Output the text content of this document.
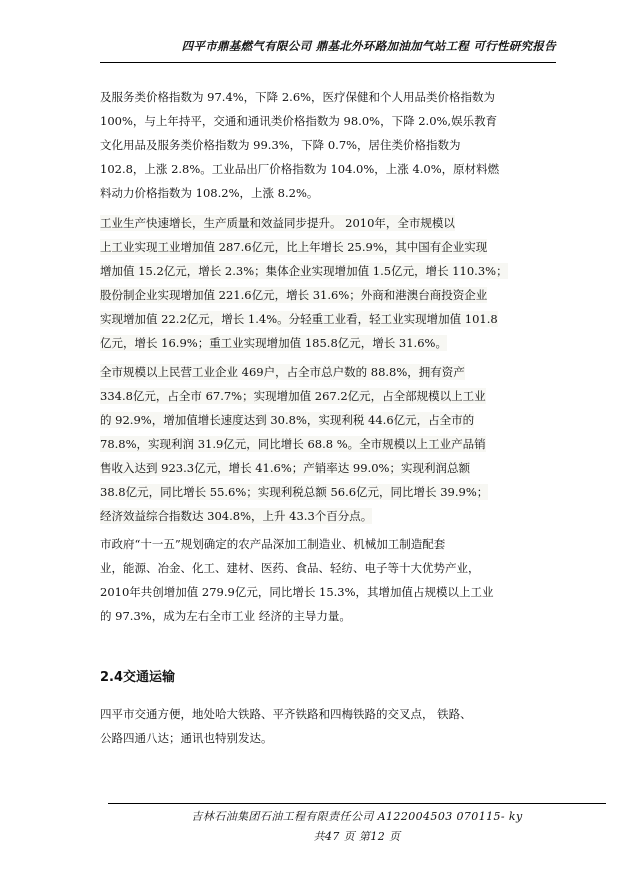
四平市鼎基燃气有限公司 鼎基北外环路加油加气站工程 可行性研究报告
及服务类价格指数为 97.4%，下降 2.6%，医疗保健和个人用品类价格指数为
100%，与上年持平，交通和通讯类价格指数为 98.0%，下降 2.0%,娱乐教育
文化用品及服务类价格指数为 99.3%，下降 0.7%，居住类价格指数为
102.8，上涨 2.8%。工业品出厂价格指数为 104.0%，上涨 4.0%，原材料燃
料动力价格指数为 108.2%，上涨 8.2%。
工业生产快速增长，生产质量和效益同步提升。 2010年，全市规模以
上工业实现工业增加值 287.6亿元，比上年增长 25.9%，其中国有企业实现
增加值 15.2亿元，增长 2.3%；集体企业实现增加值 1.5亿元，增长 110.3%；
股份制企业实现增加值 221.6亿元，增长 31.6%；外商和港澳台商投资企业
实现增加值 22.2亿元，增长 1.4%。分轻重工业看，轻工业实现增加值 101.8
亿元，增长 16.9%；重工业实现增加值 185.8亿元，增长 31.6%。
全市规模以上民营工业企业 469户，占全市总户数的 88.8%，拥有资产
334.8亿元，占全市 67.7%；实现增加值 267.2亿元，占全部规模以上工业
的 92.9%，增加值增长速度达到 30.8%，实现利税 44.6亿元，占全市的
78.8%，实现利润 31.9亿元，同比增长 68.8 %。全市规模以上工业产品销
售收入达到 923.3亿元，增长 41.6%；产销率达 99.0%；实现利润总额
38.8亿元，同比增长 55.6%；实现利税总额 56.6亿元，同比增长 39.9%；
经济效益综合指数达 304.8%，上升 43.3个百分点。
市政府“十一五”规划确定的农产品深加工制造业、机械加工制造配套
业，能源、冶金、化工、建材、医药、食品、轻纺、电子等十大优势产业，
2010年共创增加值 279.9亿元，同比增长 15.3%，其增加值占规模以上工业
的 97.3%，成为左右全市工业 经济的主导力量。
2.4交通运输
四平市交通方便，地处哈大铁路、平齐铁路和四梅铁路的交叉点， 铁路、
公路四通八达；通讯也特别发达。
吉林石油集团石油工程有限责任公司 A122004503 070115- ky
共47 页 第12 页
